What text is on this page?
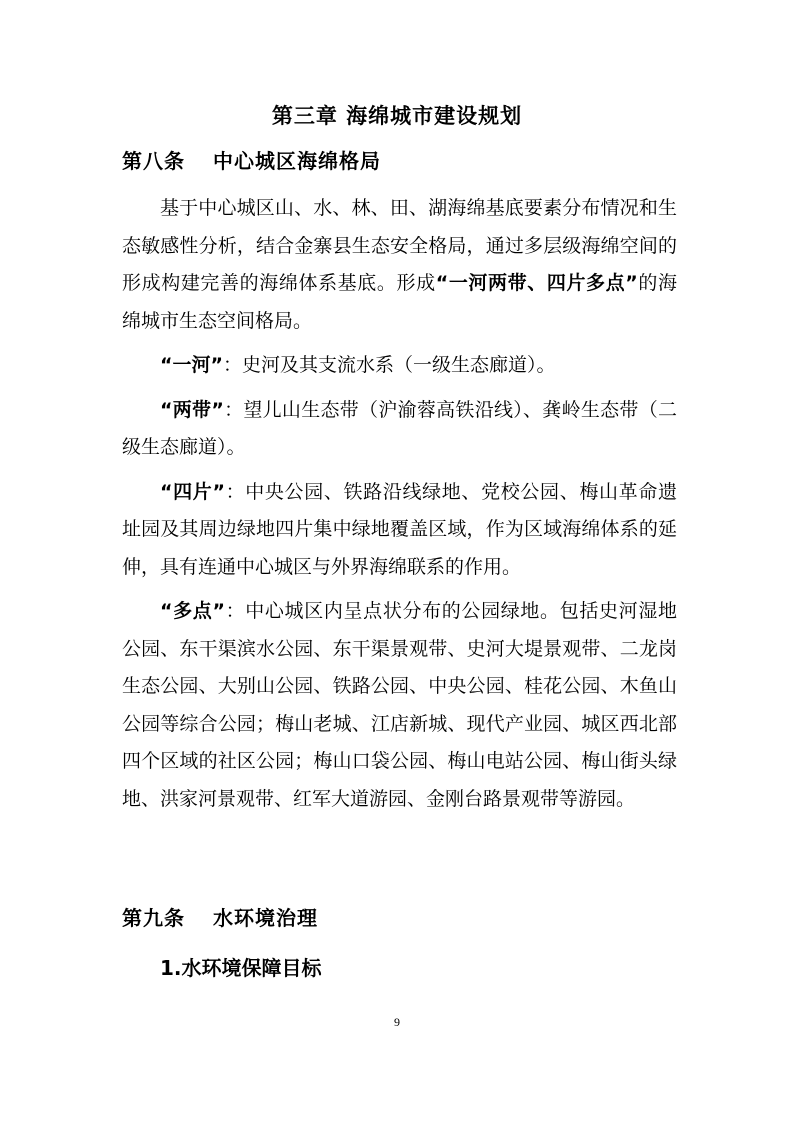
第三章 海绵城市建设规划
第八条 中心城区海绵格局

基于中心城区山、水、林、田、湖海绵基底要素分布情况和生态敏感性分析，结合金寨县生态安全格局，通过多层级海绵空间的形成构建完善的海绵体系基底。形成“一河两带、四片多点”的海绵城市生态空间格局。

“一河”：史河及其支流水系（一级生态廊道）。

“两带”：望儿山生态带（沪渝蓉高铁沿线）、龚岭生态带（二级生态廊道）。

“四片”：中央公园、铁路沿线绿地、党校公园、梅山革命遗址园及其周边绿地四片集中绿地覆盖区域，作为区域海绵体系的延伸，具有连通中心城区与外界海绵联系的作用。

“多点”：中心城区内呈点状分布的公园绿地。包括史河湿地公园、东干渠滨水公园、东干渠景观带、史河大堤景观带、二龙岗生态公园、大别山公园、铁路公园、中央公园、桂花公园、木鱼山公园等综合公园；梅山老城、江店新城、现代产业园、城区西北部四个区域的社区公园；梅山口袋公园、梅山电站公园、梅山街头绿地、洪家河景观带、红军大道游园、金刚台路景观带等游园。

第九条 水环境治理
1.水环境保障目标
9
